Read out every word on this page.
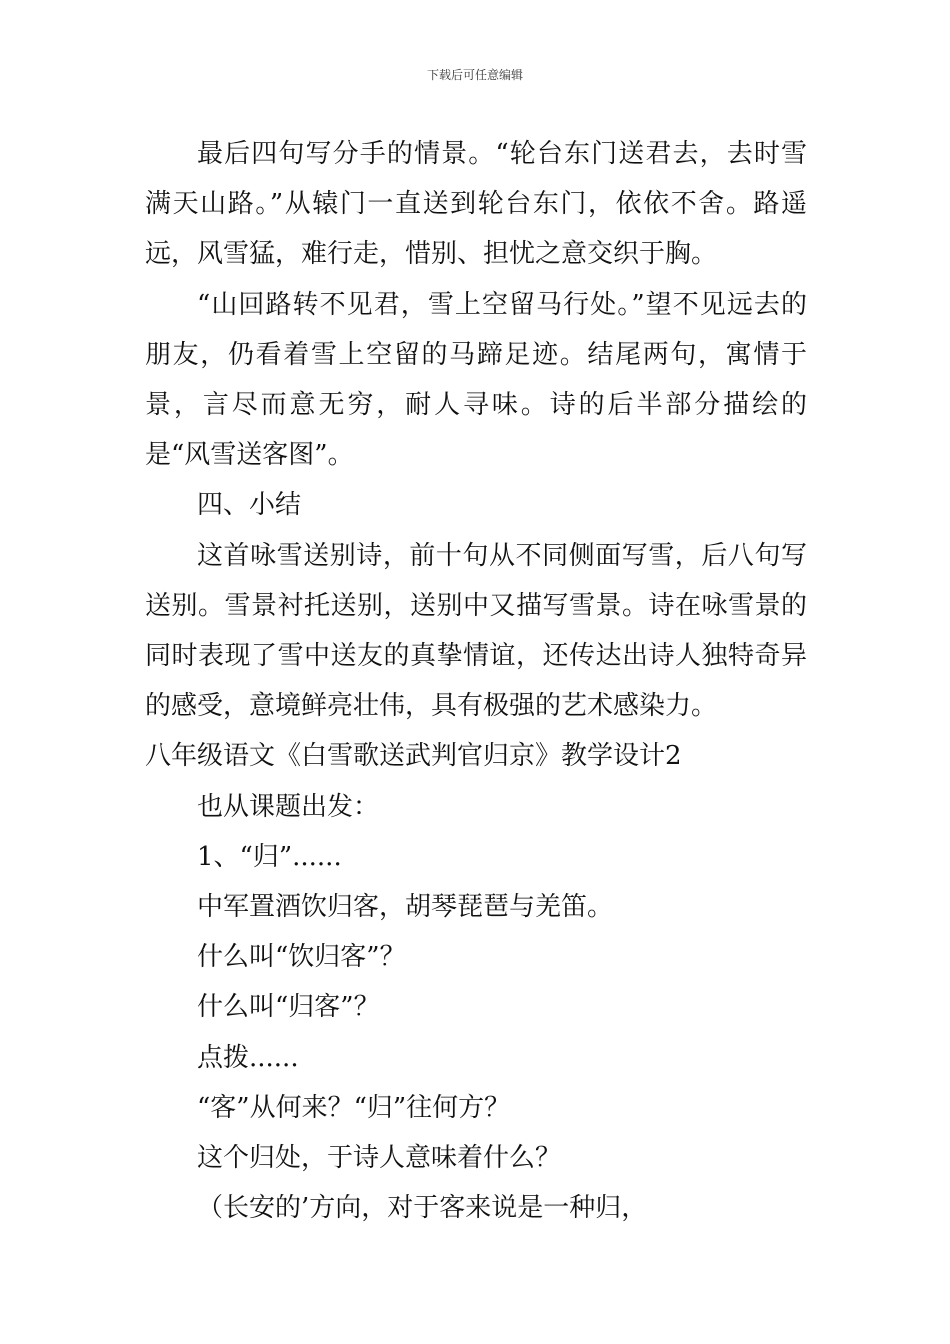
下载后可任意编辑

最后四句写分手的情景。“轮台东门送君去，去时雪满天山路。”从辕门一直送到轮台东门，依依不舍。路遥远，风雪猛，难行走，惜别、担忧之意交织于胸。

“山回路转不见君，雪上空留马行处。”望不见远去的朋友，仍看着雪上空留的马蹄足迹。结尾两句，寓情于景，言尽而意无穷，耐人寻味。诗的后半部分描绘的是“风雪送客图”。

四、小结

这首咏雪送别诗，前十句从不同侧面写雪，后八句写送别。雪景衬托送别，送别中又描写雪景。诗在咏雪景的同时表现了雪中送友的真挚情谊，还传达出诗人独特奇异的感受，意境鲜亮壮伟，具有极强的艺术感染力。

八年级语文《白雪歌送武判官归京》教学设计2

也从课题出发：

1、“归”......

中军置酒饮归客，胡琴琵琶与羌笛。

什么叫“饮归客”？

什么叫“归客”？

点拨......

“客”从何来？“归”往何方？

这个归处，于诗人意味着什么？

（长安的’方向，对于客来说是一种归，
